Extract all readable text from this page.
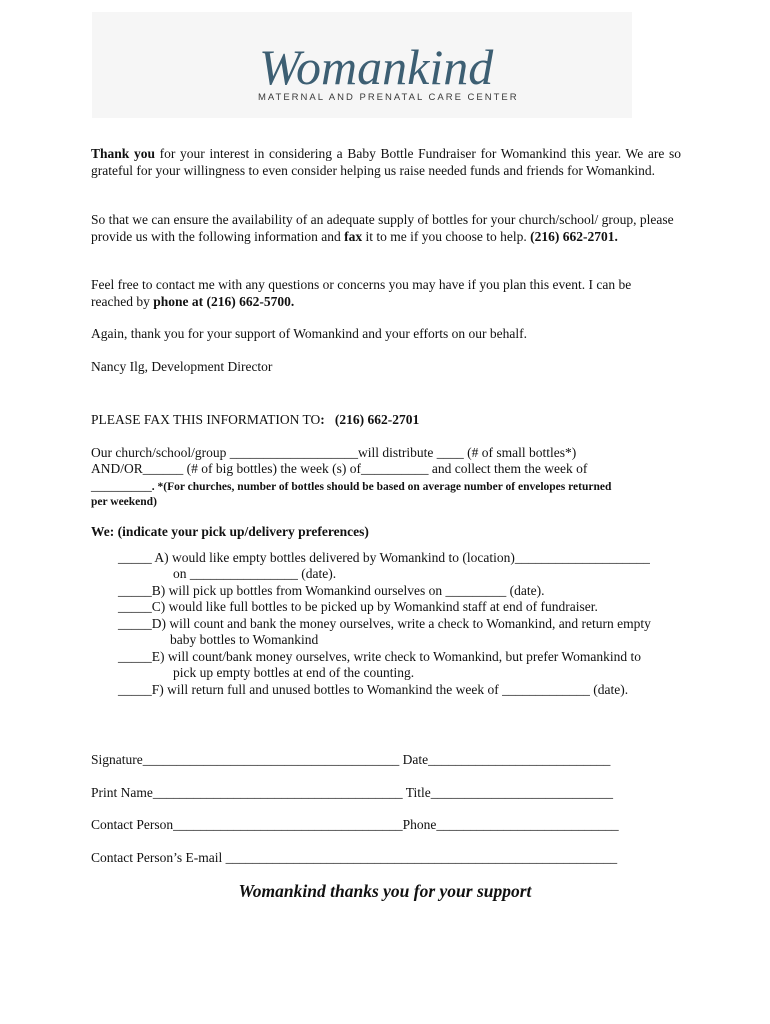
Womankind
MATERNAL AND PRENATAL CARE CENTER

Thank you for your interest in considering a Baby Bottle Fundraiser for Womankind this year. We are so grateful for your willingness to even consider helping us raise needed funds and friends for Womankind.

So that we can ensure the availability of an adequate supply of bottles for your church/school/ group, please provide us with the following information and fax it to me if you choose to help. (216) 662-2701.

Feel free to contact me with any questions or concerns you may have if you plan this event. I can be reached by phone at (216) 662-5700.

Again, thank you for your support of Womankind and your efforts on our behalf.
Nancy Ilg, Development Director
PLEASE FAX THIS INFORMATION TO: (216) 662-2701
Our church/school/group ___________________will distribute ____ (# of small bottles*)
AND/OR______ (# of big bottles) the week (s) of__________ and collect them the week of
_________. *(For churches, number of bottles should be based on average number of envelopes returned
per weekend)
We: (indicate your pick up/delivery preferences)
_____ A) would like empty bottles delivered by Womankind to (location)____________________
on ________________ (date).
_____B) will pick up bottles from Womankind ourselves on _________ (date).
_____C) would like full bottles to be picked up by Womankind staff at end of fundraiser.
_____D) will count and bank the money ourselves, write a check to Womankind, and return empty
baby bottles to Womankind
_____E) will count/bank money ourselves, write check to Womankind, but prefer Womankind to
pick up empty bottles at end of the counting.
_____F) will return full and unused bottles to Womankind the week of _____________ (date).
Signature______________________________________ Date___________________________
Print Name_____________________________________ Title___________________________
Contact Person__________________________________Phone___________________________
Contact Person’s E-mail __________________________________________________________
Womankind thanks you for your support
